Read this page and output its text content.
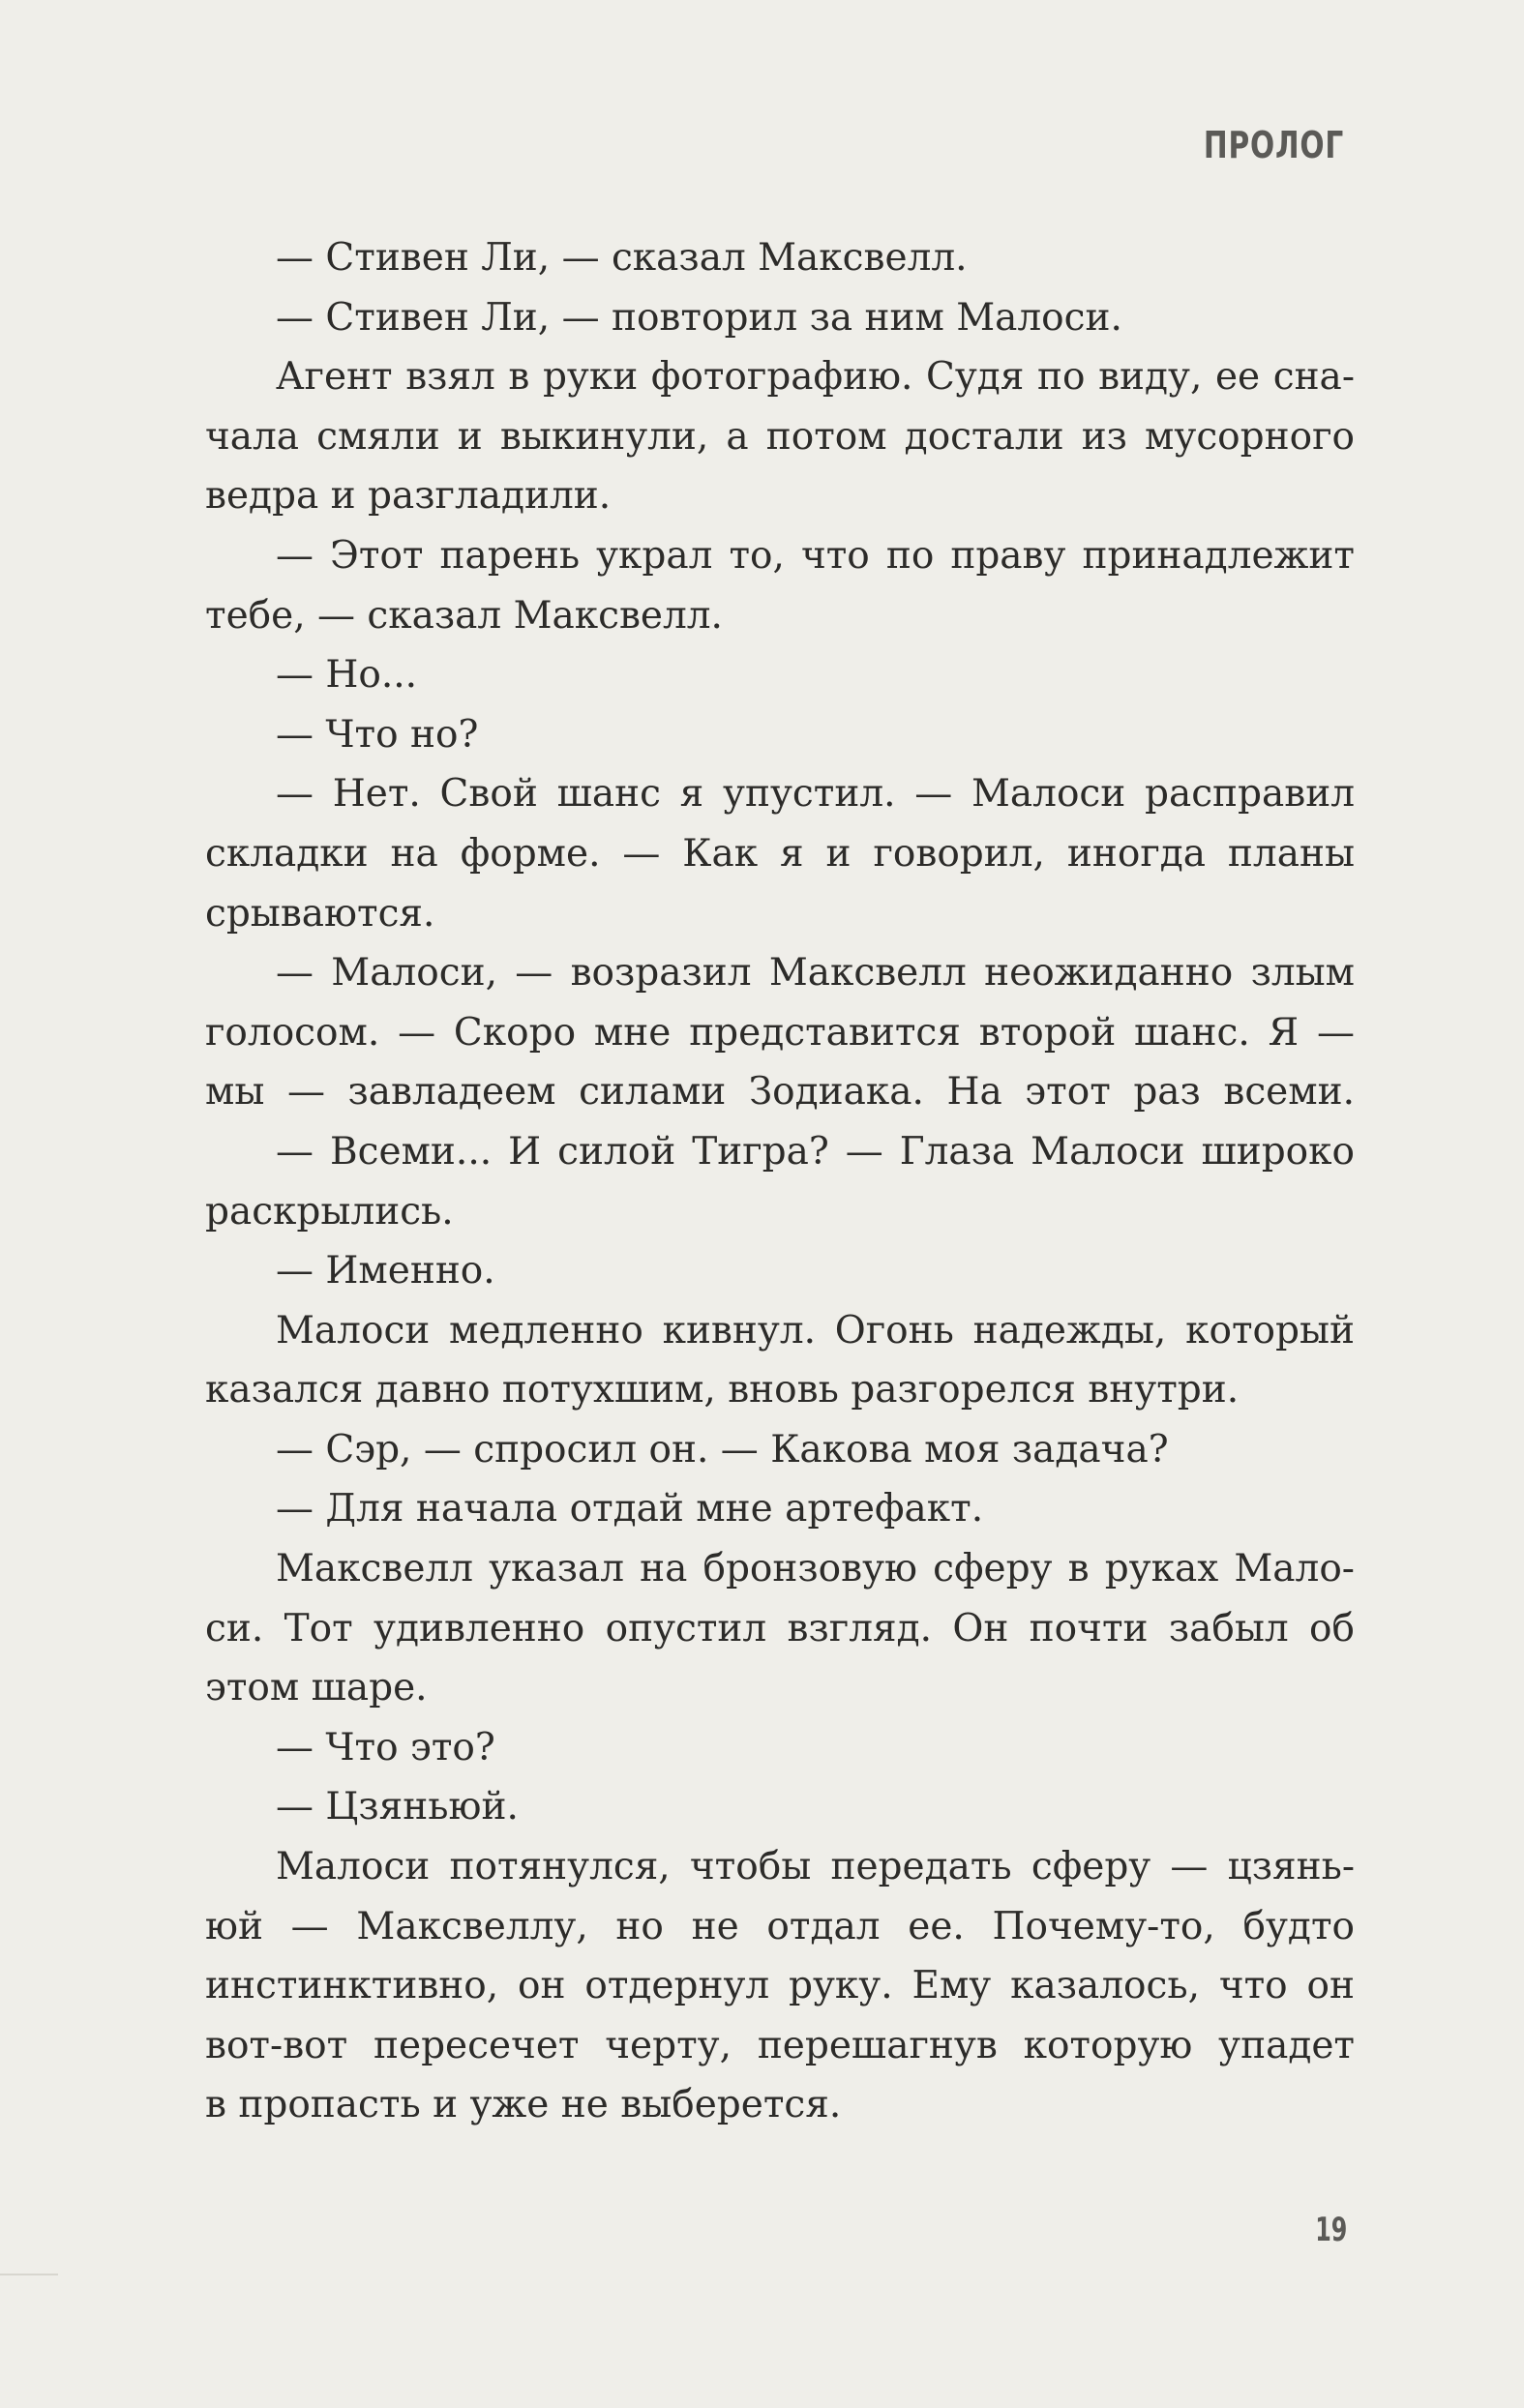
ПРОЛОГ
— Стивен Ли, — сказал Максвелл.
— Стивен Ли, — повторил за ним Малоси.
Агент взял в руки фотографию. Судя по виду, ее сна-
чала смяли и выкинули, а потом достали из мусорного
ведра и разгладили.
— Этот парень украл то, что по праву принадлежит
тебе, — сказал Максвелл.
— Но...
— Что но?
— Нет. Свой шанс я упустил. — Малоси расправил
складки на форме. — Как я и говорил, иногда планы
срываются.
— Малоси, — возразил Максвелл неожиданно злым
голосом. — Скоро мне представится второй шанс. Я —
мы — завладеем силами Зодиака. На этот раз всеми.
— Всеми... И силой Тигра? — Глаза Малоси широко
раскрылись.
— Именно.
Малоси медленно кивнул. Огонь надежды, который
казался давно потухшим, вновь разгорелся внутри.
— Сэр, — спросил он. — Какова моя задача?
— Для начала отдай мне артефакт.
Максвелл указал на бронзовую сферу в руках Мало-
си. Тот удивленно опустил взгляд. Он почти забыл об
этом шаре.
— Что это?
— Цзяньюй.
Малоси потянулся, чтобы передать сферу — цзянь-
юй — Максвеллу, но не отдал ее. Почему-то, будто
инстинктивно, он отдернул руку. Ему казалось, что он
вот-вот пересечет черту, перешагнув которую упадет
в пропасть и уже не выберется.
19
